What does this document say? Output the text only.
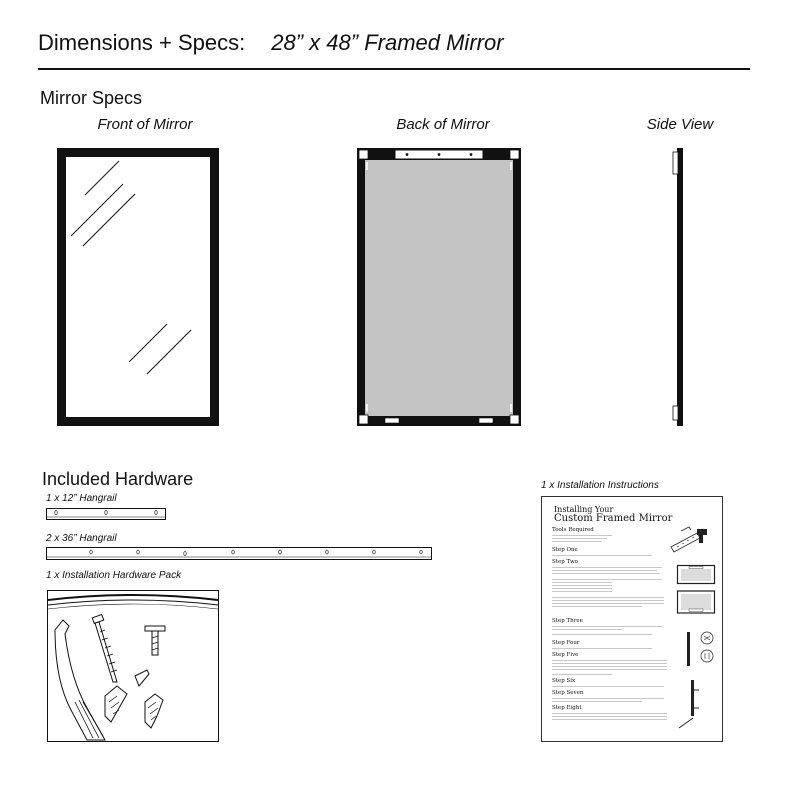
Dimensions + Specs: 28” x 48” Framed Mirror
Mirror Specs
Front of Mirror	Back of Mirror	Side View
Included Hardware
1 x 12” Hangrail
2 x 36” Hangrail
1 x Installation Hardware Pack
1 x Installation Instructions
Installing Your
Custom Framed Mirror
Tools Required
Step One
Step Two
Step Three
Step Four
Step Five
Step Six
Step Seven
Step Eight
